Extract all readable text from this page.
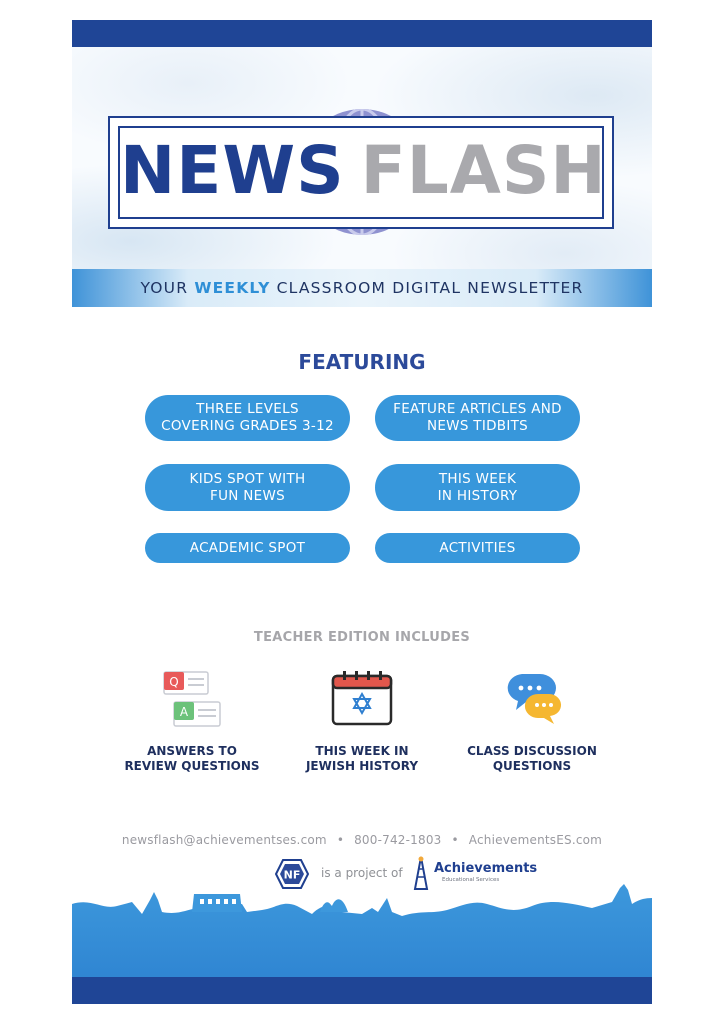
NEWS FLASH
YOUR WEEKLY CLASSROOM DIGITAL NEWSLETTER
FEATURING
THREE LEVELS
COVERING GRADES 3-12
FEATURE ARTICLES AND
NEWS TIDBITS
KIDS SPOT WITH
FUN NEWS
THIS WEEK
IN HISTORY
ACADEMIC SPOT	ACTIVITIES
TEACHER EDITION INCLUDES
Q
A
ANSWERS TO
REVIEW QUESTIONS
THIS WEEK IN
JEWISH HISTORY
CLASS DISCUSSION
QUESTIONS
newsflash@achievementses.com • 800-742-1803 • AchievementsES.com
NF is a project of Achievements
Educational Services
